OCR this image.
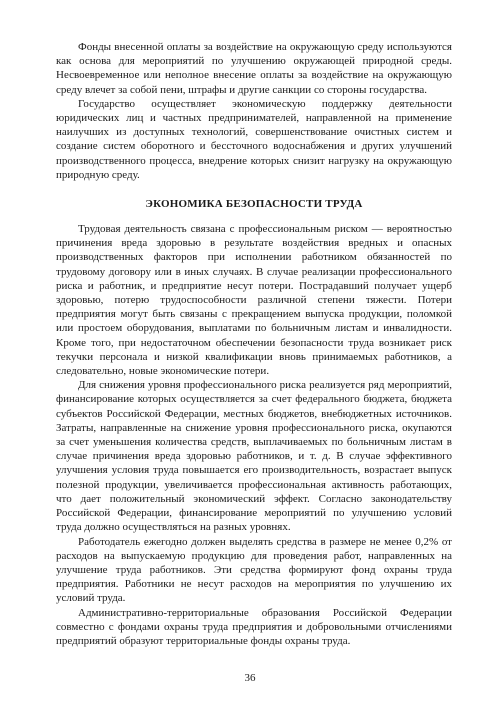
Фонды внесенной оплаты за воздействие на окружающую среду используются как основа для мероприятий по улучшению окружающей природной среды. Несвоевременное или неполное внесение оплаты за воздействие на окружающую среду влечет за собой пени, штрафы и другие санкции со стороны государства.

Государство осуществляет экономическую поддержку деятельности юридических лиц и частных предпринимателей, направленной на применение наилучших из доступных технологий, совершенствование очистных систем и создание систем оборотного и бессточного водоснабжения и других улучшений производственного процесса, внедрение которых снизит нагрузку на окружающую природную среду.

ЭКОНОМИКА БЕЗОПАСНОСТИ ТРУДА

Трудовая деятельность связана с профессиональным риском — вероятностью причинения вреда здоровью в результате воздействия вредных и опасных производственных факторов при исполнении работником обязанностей по трудовому договору или в иных случаях. В случае реализации профессионального риска и работник, и предприятие несут потери. Пострадавший получает ущерб здоровью, потерю трудоспособности различной степени тяжести. Потери предприятия могут быть связаны с прекращением выпуска продукции, поломкой или простоем оборудования, выплатами по больничным листам и инвалидности. Кроме того, при недостаточном обеспечении безопасности труда возникает риск текучки персонала и низкой квалификации вновь принимаемых работников, а следовательно, новые экономические потери.

Для снижения уровня профессионального риска реализуется ряд мероприятий, финансирование которых осуществляется за счет федерального бюджета, бюджета субъектов Российской Федерации, местных бюджетов, внебюджетных источников. Затраты, направленные на снижение уровня профессионального риска, окупаются за счет уменьшения количества средств, выплачиваемых по больничным листам в случае причинения вреда здоровью работников, и т. д. В случае эффективного улучшения условия труда повышается его производительность, возрастает выпуск полезной продукции, увеличивается профессиональная активность работающих, что дает положительный экономический эффект. Согласно законодательству Российской Федерации, финансирование мероприятий по улучшению условий труда должно осуществляться на разных уровнях.

Работодатель ежегодно должен выделять средства в размере не менее 0,2% от расходов на выпускаемую продукцию для проведения работ, направленных на улучшение труда работников. Эти средства формируют фонд охраны труда предприятия. Работники не несут расходов на мероприятия по улучшению их условий труда.

Административно-территориальные образования Российской Федерации совместно с фондами охраны труда предприятия и добровольными отчислениями предприятий образуют территориальные фонды охраны труда.

36
